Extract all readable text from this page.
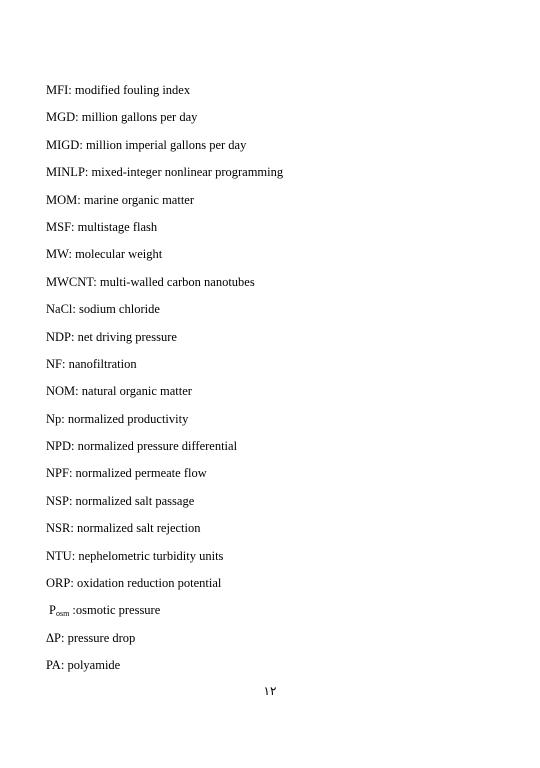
MFI: modified fouling index
MGD: million gallons per day
MIGD: million imperial gallons per day
MINLP: mixed-integer nonlinear programming
MOM: marine organic matter
MSF: multistage flash
MW: molecular weight
MWCNT: multi-walled carbon nanotubes
NaCl: sodium chloride
NDP: net driving pressure
NF: nanofiltration
NOM: natural organic matter
Np: normalized productivity
NPD: normalized pressure differential
NPF: normalized permeate flow
NSP: normalized salt passage
NSR: normalized salt rejection
NTU: nephelometric turbidity units
ORP: oxidation reduction potential
$P_{osm}$ :osmotic pressure
ΔP: pressure drop
PA: polyamide
١٢
